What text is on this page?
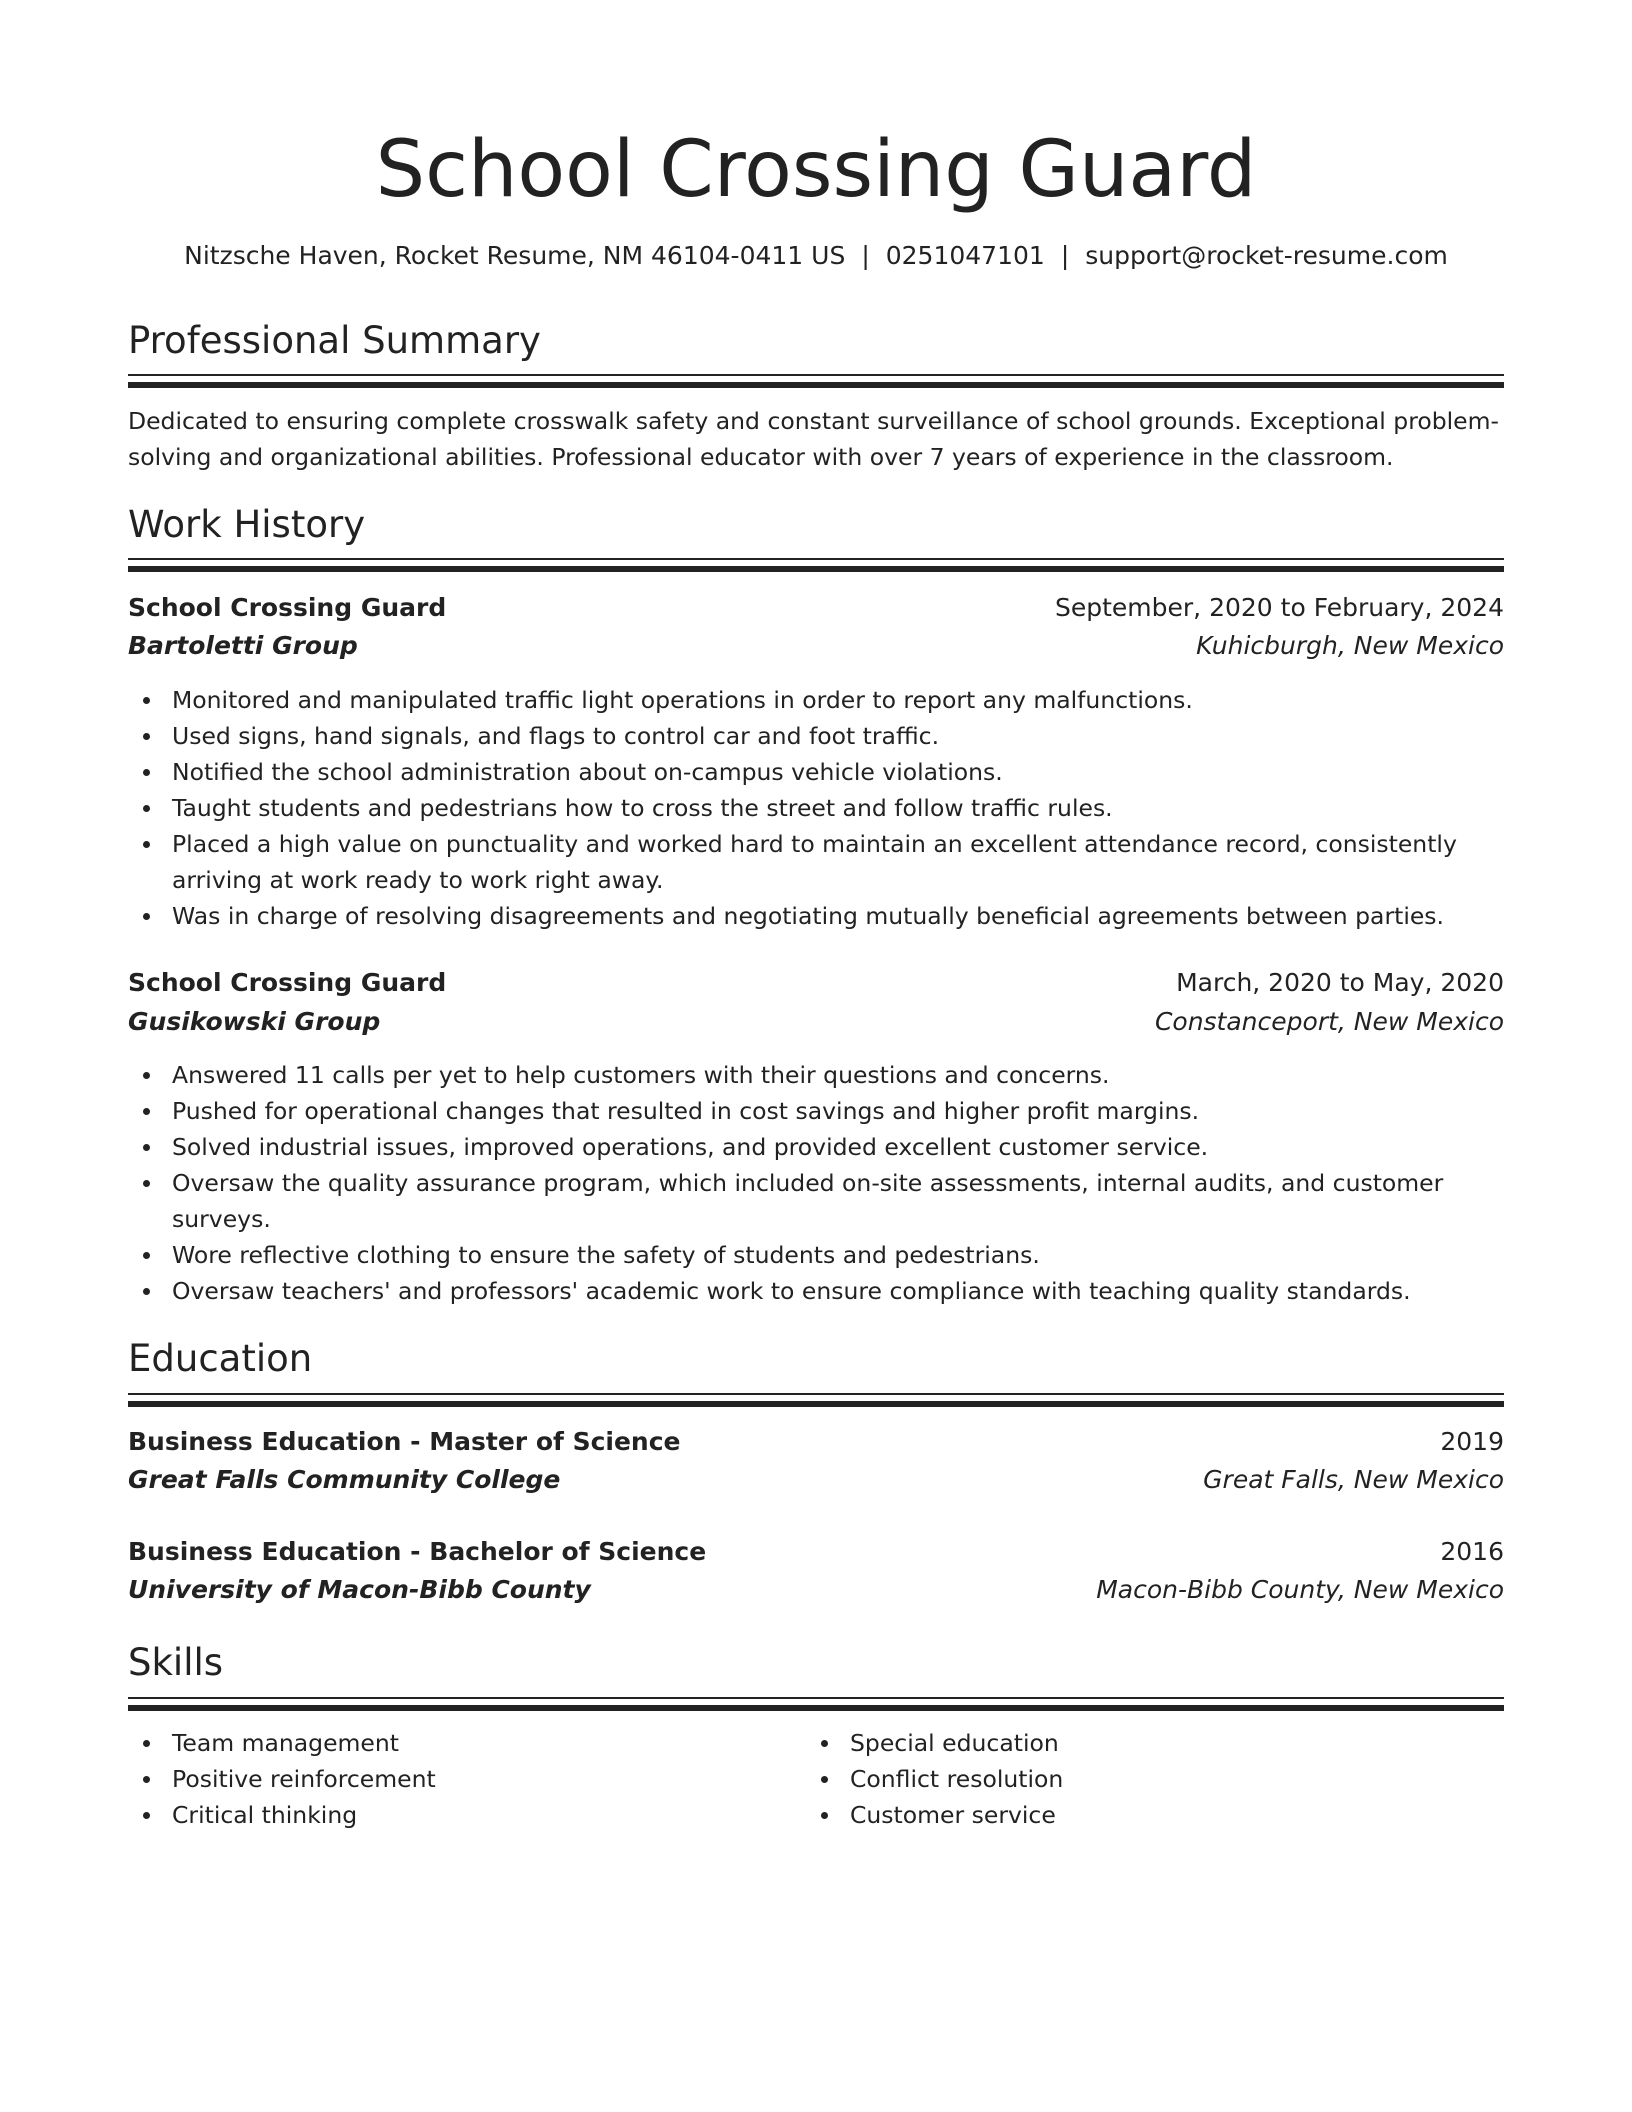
School Crossing Guard
Nitzsche Haven, Rocket Resume, NM 46104-0411 US | 0251047101 | support@rocket-resume.com
Professional Summary
Dedicated to ensuring complete crosswalk safety and constant surveillance of school grounds. Exceptional problem-solving and organizational abilities. Professional educator with over 7 years of experience in the classroom.
Work History
School Crossing Guard	September, 2020 to February, 2024
Bartoletti Group	Kuhicburgh, New Mexico
Monitored and manipulated traffic light operations in order to report any malfunctions.
Used signs, hand signals, and flags to control car and foot traffic.
Notified the school administration about on-campus vehicle violations.
Taught students and pedestrians how to cross the street and follow traffic rules.
Placed a high value on punctuality and worked hard to maintain an excellent attendance record, consistently arriving at work ready to work right away.
Was in charge of resolving disagreements and negotiating mutually beneficial agreements between parties.
School Crossing Guard	March, 2020 to May, 2020
Gusikowski Group	Constanceport, New Mexico
Answered 11 calls per yet to help customers with their questions and concerns.
Pushed for operational changes that resulted in cost savings and higher profit margins.
Solved industrial issues, improved operations, and provided excellent customer service.
Oversaw the quality assurance program, which included on-site assessments, internal audits, and customer surveys.
Wore reflective clothing to ensure the safety of students and pedestrians.
Oversaw teachers' and professors' academic work to ensure compliance with teaching quality standards.
Education
Business Education - Master of Science	2019
Great Falls Community College	Great Falls, New Mexico
Business Education - Bachelor of Science	2016
University of Macon-Bibb County	Macon-Bibb County, New Mexico
Skills
Team management
Positive reinforcement
Critical thinking
Special education
Conflict resolution
Customer service
